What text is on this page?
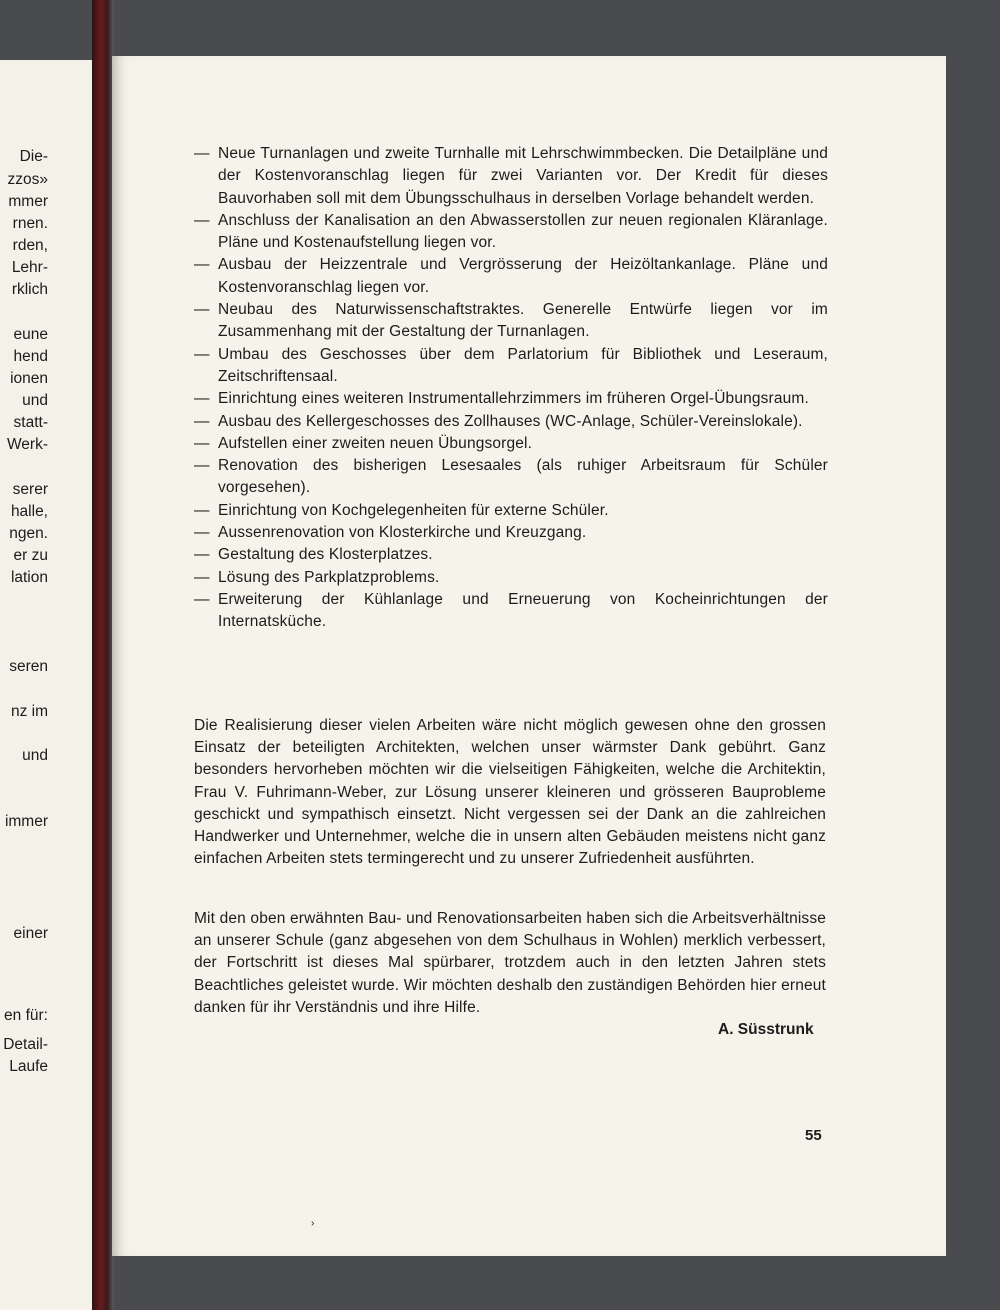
Die-
zzos»
mmer
rnen.
rden,
Lehr-
rklich
eune
hend
ionen
und
statt-
Werk-
serer
halle,
ngen.
er zu
lation
seren
nz im
und
immer
einer
en für:
Detail-
Laufe
— Neue Turnanlagen und zweite Turnhalle mit Lehrschwimmbecken. Die Detailpläne und der Kostenvoranschlag liegen für zwei Varianten vor. Der Kredit für dieses Bauvorhaben soll mit dem Übungsschulhaus in derselben Vorlage behandelt werden.
— Anschluss der Kanalisation an den Abwasserstollen zur neuen regionalen Kläranlage. Pläne und Kostenaufstellung liegen vor.
— Ausbau der Heizzentrale und Vergrösserung der Heizöltankanlage. Pläne und Kostenvoranschlag liegen vor.
— Neubau des Naturwissenschaftstraktes. Generelle Entwürfe liegen vor im Zusammenhang mit der Gestaltung der Turnanlagen.
— Umbau des Geschosses über dem Parlatorium für Bibliothek und Leseraum, Zeitschriftensaal.
— Einrichtung eines weiteren Instrumentallehrzimmers im früheren Orgel-Übungsraum.
— Ausbau des Kellergeschosses des Zollhauses (WC-Anlage, Schüler-Vereinslokale).
— Aufstellen einer zweiten neuen Übungsorgel.
— Renovation des bisherigen Lesesaales (als ruhiger Arbeitsraum für Schüler vorgesehen).
— Einrichtung von Kochgelegenheiten für externe Schüler.
— Aussenrenovation von Klosterkirche und Kreuzgang.
— Gestaltung des Klosterplatzes.
— Lösung des Parkplatzproblems.
— Erweiterung der Kühlanlage und Erneuerung von Kocheinrichtungen der Internatsküche.

Die Realisierung dieser vielen Arbeiten wäre nicht möglich gewesen ohne den grossen Einsatz der beteiligten Architekten, welchen unser wärmster Dank gebührt. Ganz besonders hervorheben möchten wir die vielseitigen Fähigkeiten, welche die Architektin, Frau V. Fuhrimann-Weber, zur Lösung unserer kleineren und grösseren Bauprobleme geschickt und sympathisch einsetzt. Nicht vergessen sei der Dank an die zahlreichen Handwerker und Unternehmer, welche die in unsern alten Gebäuden meistens nicht ganz einfachen Arbeiten stets termingerecht und zu unserer Zufriedenheit ausführten.

Mit den oben erwähnten Bau- und Renovationsarbeiten haben sich die Arbeitsverhältnisse an unserer Schule (ganz abgesehen von dem Schulhaus in Wohlen) merklich verbessert, der Fortschritt ist dieses Mal spürbarer, trotzdem auch in den letzten Jahren stets Beachtliches geleistet wurde. Wir möchten deshalb den zuständigen Behörden hier erneut danken für ihr Verständnis und ihre Hilfe.

A. Süsstrunk
55
›
